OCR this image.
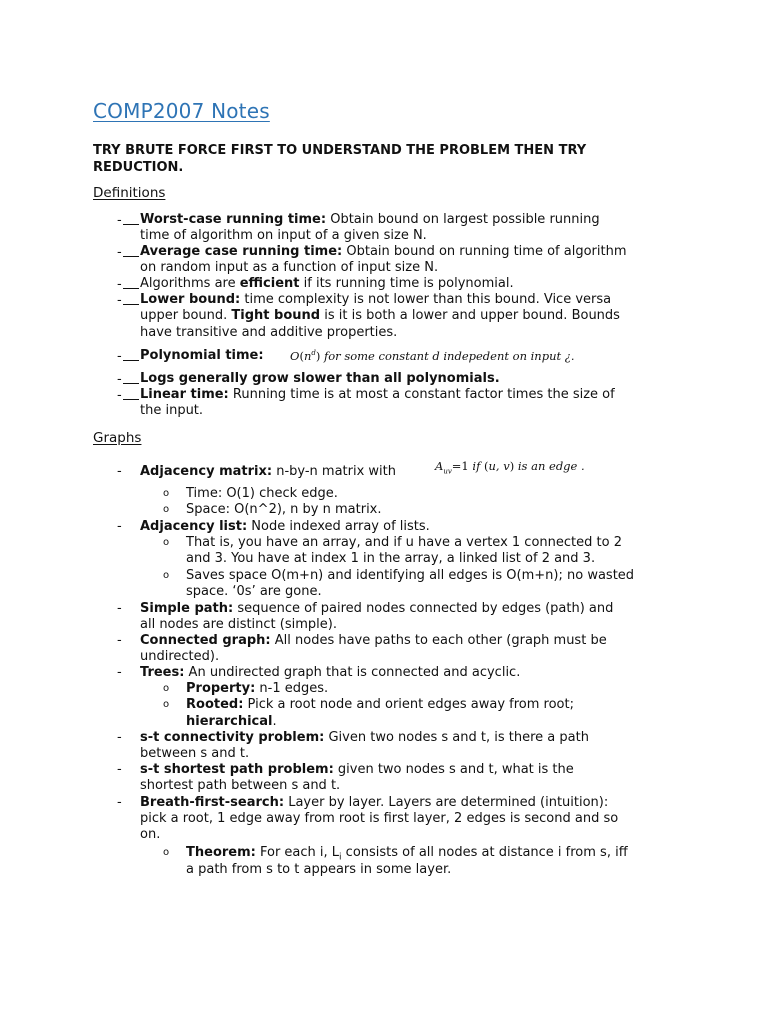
COMP2007 Notes
TRY BRUTE FORCE FIRST TO UNDERSTAND THE PROBLEM THEN TRY REDUCTION.
Definitions
-	Worst-case running time: Obtain bound on largest possible running
time of algorithm on input of a given size N.
-	Average case running time: Obtain bound on running time of algorithm
on random input as a function of input size N.
-	Algorithms are efficient if its running time is polynomial.
-	Lower bound: time complexity is not lower than this bound. Vice versa
upper bound. Tight bound is it is both a lower and upper bound. Bounds
have transitive and additive properties.
-	Polynomial time: $O(n^d)$ for some constant d indepedent on input ¿.
-	Logs generally grow slower than all polynomials.
-	Linear time: Running time is at most a constant factor times the size of
the input.
Graphs
- Adjacency matrix: n-by-n matrix with	$A_{uv}=1$ if (u, v) is an edge .
o Time: O(1) check edge.
o Space: O(n^2), n by n matrix.
- Adjacency list: Node indexed array of lists.
o That is, you have an array, and if u have a vertex 1 connected to 2
and 3. You have at index 1 in the array, a linked list of 2 and 3.
o Saves space O(m+n) and identifying all edges is O(m+n); no wasted
space. ‘0s’ are gone.
- Simple path: sequence of paired nodes connected by edges (path) and
all nodes are distinct (simple).
- Connected graph: All nodes have paths to each other (graph must be
undirected).
- Trees: An undirected graph that is connected and acyclic.
o Property: n-1 edges.
o Rooted: Pick a root node and orient edges away from root;
hierarchical.
- s-t connectivity problem: Given two nodes s and t, is there a path
between s and t.
- s-t shortest path problem: given two nodes s and t, what is the
shortest path between s and t.
- Breath-first-search: Layer by layer. Layers are determined (intuition):
pick a root, 1 edge away from root is first layer, 2 edges is second and so
on.
o Theorem: For each i, $L_i$ consists of all nodes at distance i from s, iff
a path from s to t appears in some layer.
